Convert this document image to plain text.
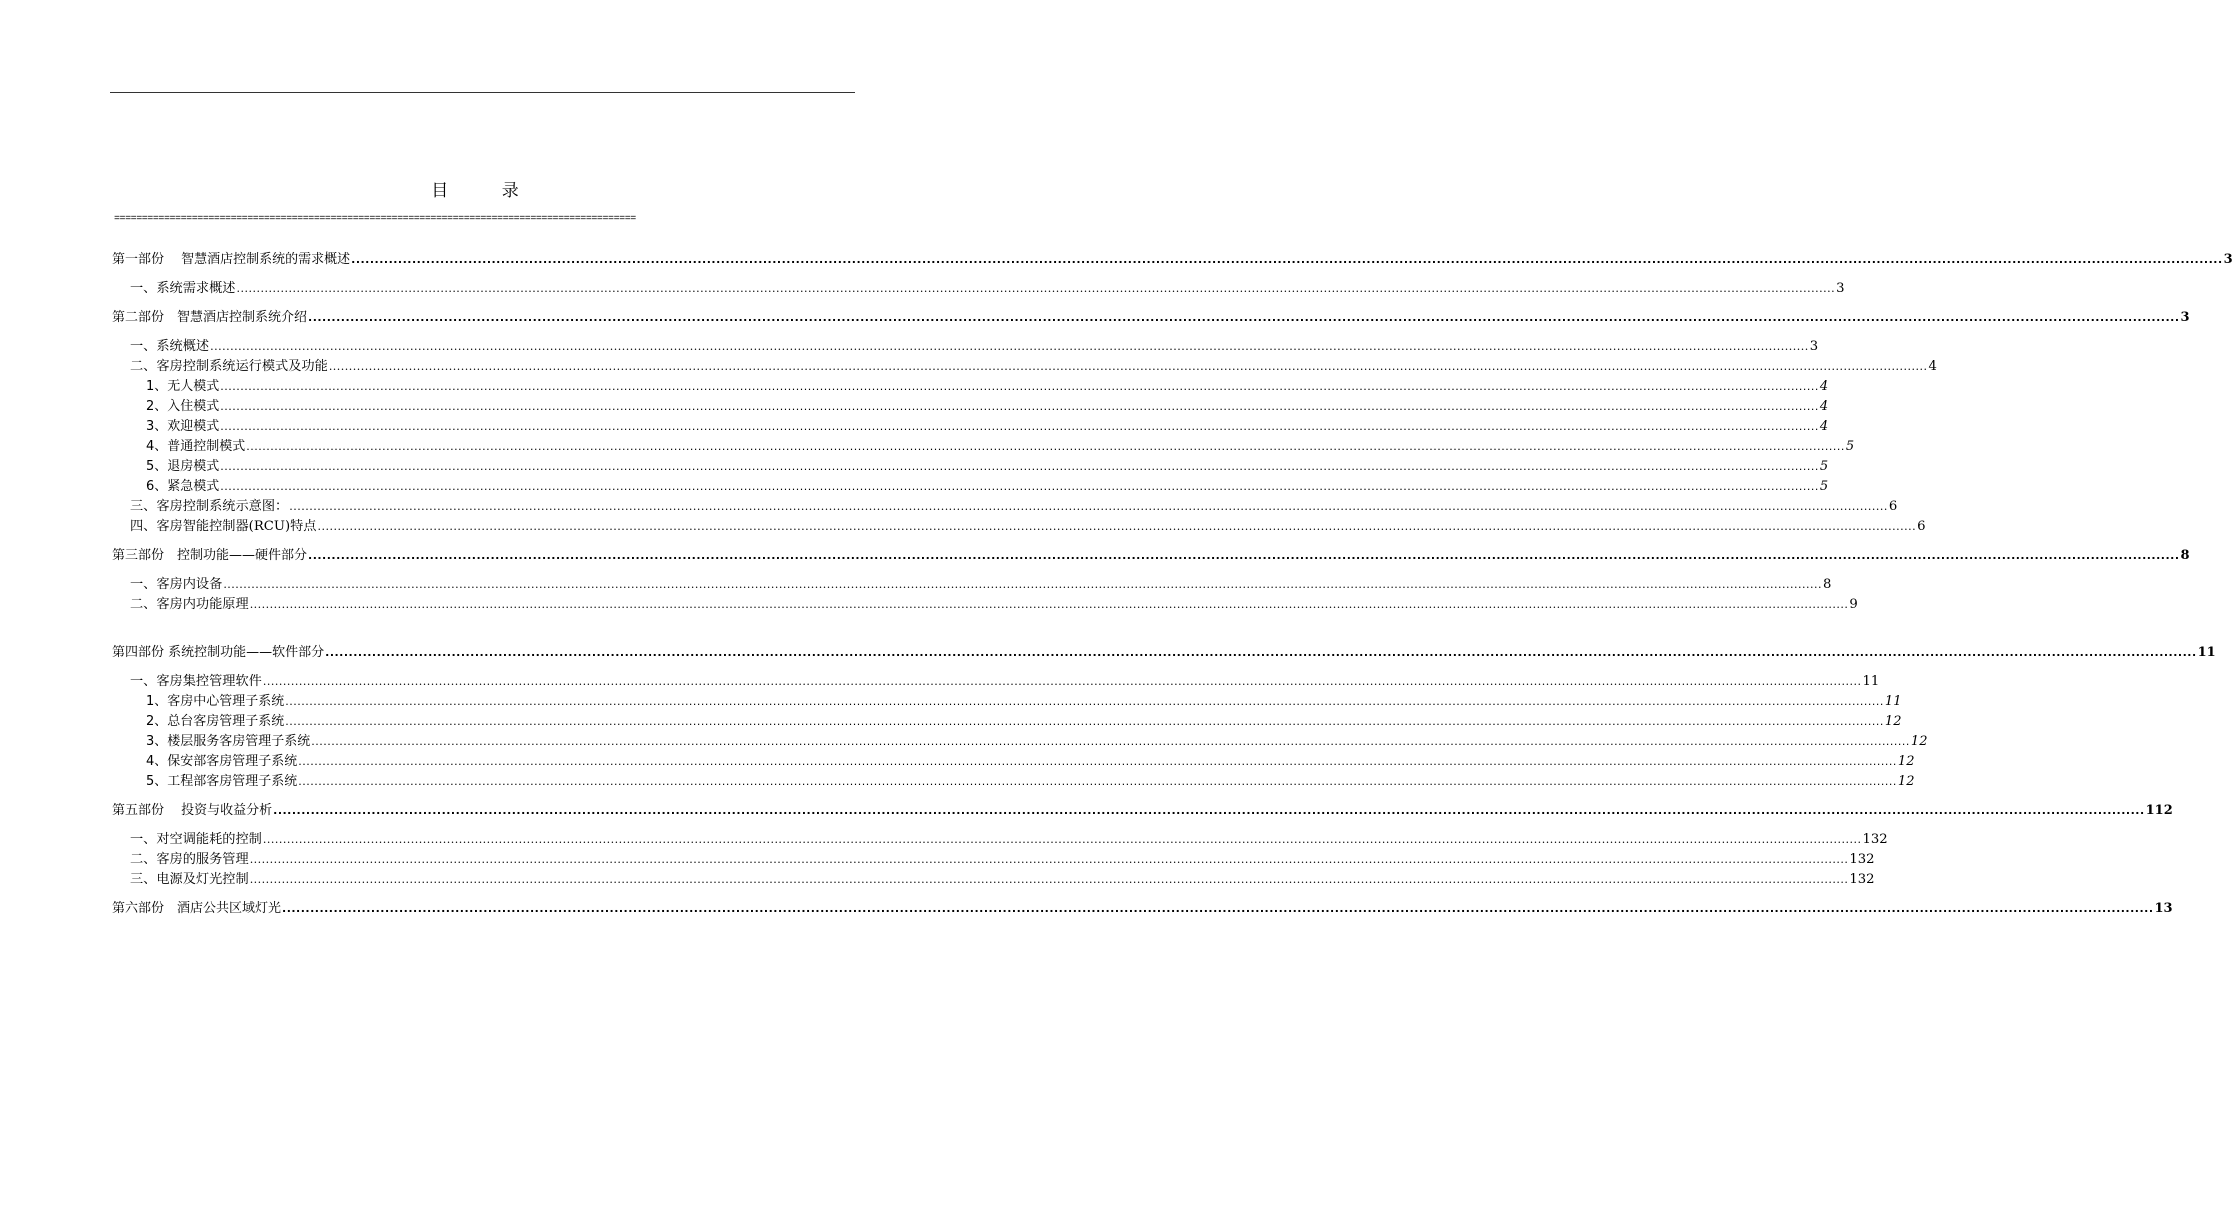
目 录
==============================================================================================
第一部份　 智慧酒店控制系统的需求概述 ................................................................................................................................................................................................................................................................................................................................................................................................................ 3
一、系统需求概述 ................................................................................................................................................................................................................................................................................................................................................................................................................ 3
第二部份　智慧酒店控制系统介绍 ................................................................................................................................................................................................................................................................................................................................................................................................................ 3
一、系统概述 ................................................................................................................................................................................................................................................................................................................................................................................................................ 3
二、客房控制系统运行模式及功能 ................................................................................................................................................................................................................................................................................................................................................................................................................ 4
1、无人模式 ................................................................................................................................................................................................................................................................................................................................................................................................................ 4
2、入住模式 ................................................................................................................................................................................................................................................................................................................................................................................................................ 4
3、欢迎模式 ................................................................................................................................................................................................................................................................................................................................................................................................................ 4
4、普通控制模式 ................................................................................................................................................................................................................................................................................................................................................................................................................ 5
5、退房模式 ................................................................................................................................................................................................................................................................................................................................................................................................................ 5
6、紧急模式 ................................................................................................................................................................................................................................................................................................................................................................................................................ 5
三、客房控制系统示意图： ................................................................................................................................................................................................................................................................................................................................................................................................................ 6
四、客房智能控制器(RCU)特点 ................................................................................................................................................................................................................................................................................................................................................................................................................ 6
第三部份　控制功能——硬件部分 ................................................................................................................................................................................................................................................................................................................................................................................................................ 8
一、客房内设备 ................................................................................................................................................................................................................................................................................................................................................................................................................ 8
二、客房内功能原理 ................................................................................................................................................................................................................................................................................................................................................................................................................ 9
第四部份 系统控制功能——软件部分 ................................................................................................................................................................................................................................................................................................................................................................................................................ 11
一、客房集控管理软件 ................................................................................................................................................................................................................................................................................................................................................................................................................ 11
1、客房中心管理子系统 ................................................................................................................................................................................................................................................................................................................................................................................................................ 11
2、总台客房管理子系统 ................................................................................................................................................................................................................................................................................................................................................................................................................ 12
3、楼层服务客房管理子系统 ................................................................................................................................................................................................................................................................................................................................................................................................................ 12
4、保安部客房管理子系统 ................................................................................................................................................................................................................................................................................................................................................................................................................ 12
5、工程部客房管理子系统 ................................................................................................................................................................................................................................................................................................................................................................................................................ 12
第五部份　 投资与收益分析 ................................................................................................................................................................................................................................................................................................................................................................................................................ 112
一、对空调能耗的控制 ................................................................................................................................................................................................................................................................................................................................................................................................................ 132
二、客房的服务管理 ................................................................................................................................................................................................................................................................................................................................................................................................................ 132
三、电源及灯光控制 ................................................................................................................................................................................................................................................................................................................................................................................................................ 132
第六部份　酒店公共区域灯光 ................................................................................................................................................................................................................................................................................................................................................................................................................ 13
